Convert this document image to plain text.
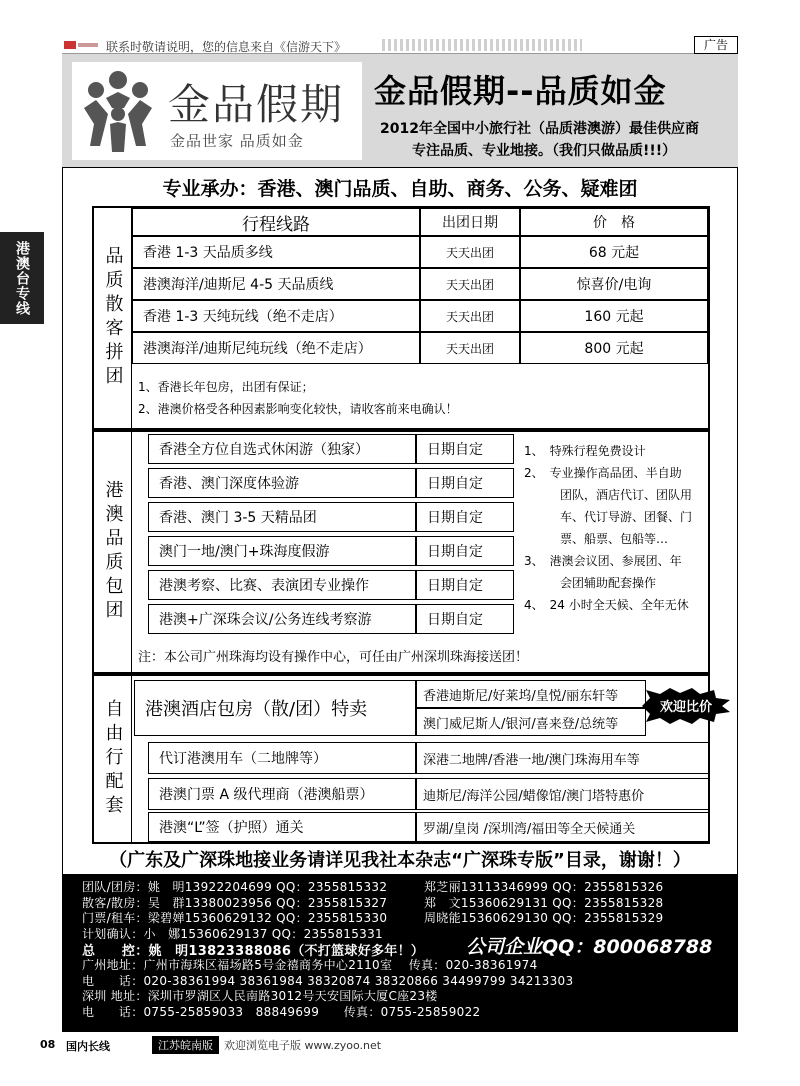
联系时敬请说明，您的信息来自《信游天下》	广告
港澳台专线
金品假期
金品世家 品质如金
金品假期--品质如金
2012年全国中小旅行社（品质港澳游）最佳供应商
专注品质、专业地接。（我们只做品质!!!）
专业承办：香港、澳门品质、自助、商务、公务、疑难团
品质散客拼团
行程线路	出团日期	价　格
香港 1-3 天品质多线	天天出团	68 元起
港澳海洋/迪斯尼 4-5 天品质线	天天出团	惊喜价/电询
香港 1-3 天纯玩线（绝不走店）	天天出团	160 元起
港澳海洋/迪斯尼纯玩线（绝不走店）	天天出团	800 元起
1、香港长年包房，出团有保证；
2、港澳价格受各种因素影响变化较快，请收客前来电确认！
港澳品质包团
香港全方位自选式休闲游（独家）	日期自定
香港、澳门深度体验游	日期自定
香港、澳门 3-5 天精品团	日期自定
澳门一地/澳门+珠海度假游	日期自定
港澳考察、比赛、表演团专业操作	日期自定
港澳+广深珠会议/公务连线考察游	日期自定
1、　特殊行程免费设计
2、　专业操作高品团、半自助
　　　团队，酒店代订、团队用
　　　车、代订导游、团餐、门
　　　票、船票、包船等…
3、　港澳会议团、参展团、年
　　　会团辅助配套操作
4、　24 小时全天候、全年无休
注：本公司广州珠海均设有操作中心，可任由广州深圳珠海接送团！
自由行配套	港澳酒店包房（散/团）特卖
香港迪斯尼/好莱坞/皇悦/丽东轩等
澳门威尼斯人/银河/喜来登/总统等
欢迎比价
代订港澳用车（二地牌等）	深港二地牌/香港一地/澳门珠海用车等
港澳门票 A 级代理商（港澳船票）	迪斯尼/海洋公园/蜡像馆/澳门塔特惠价
港澳“L”签（护照）通关	罗湖/皇岗 /深圳湾/福田等全天候通关
（广东及广深珠地接业务请详见我社本杂志“广深珠专版”目录，谢谢！）
团队/团房：姚　明13922204699 QQ：2355815332	郑芝丽13113346999 QQ：2355815326
散客/散房：吴　群13380023956 QQ：2355815327	郑　文15360629131 QQ：2355815328
门票/租车：梁碧婵15360629132 QQ：2355815330	周晓能15360629130 QQ：2355815329
计划确认：小　娜15360629137 QQ：2355815331
总　　控：姚　明13823388086（不打篮球好多年！）
广州地址：广州市海珠区福场路5号金禧商务中心2110室　 传真：020-38361974
电　　话：020-38361994 38361984 38320874 38320866 34499799 34213303
深圳 地址：深圳市罗湖区人民南路3012号天安国际大厦C座23楼
电　　话：0755-25859033　88849699　　传真：0755-25859022
公司企业QQ：800068788
08 国内长线	江苏皖南版	欢迎浏览电子版 www.zyoo.net
